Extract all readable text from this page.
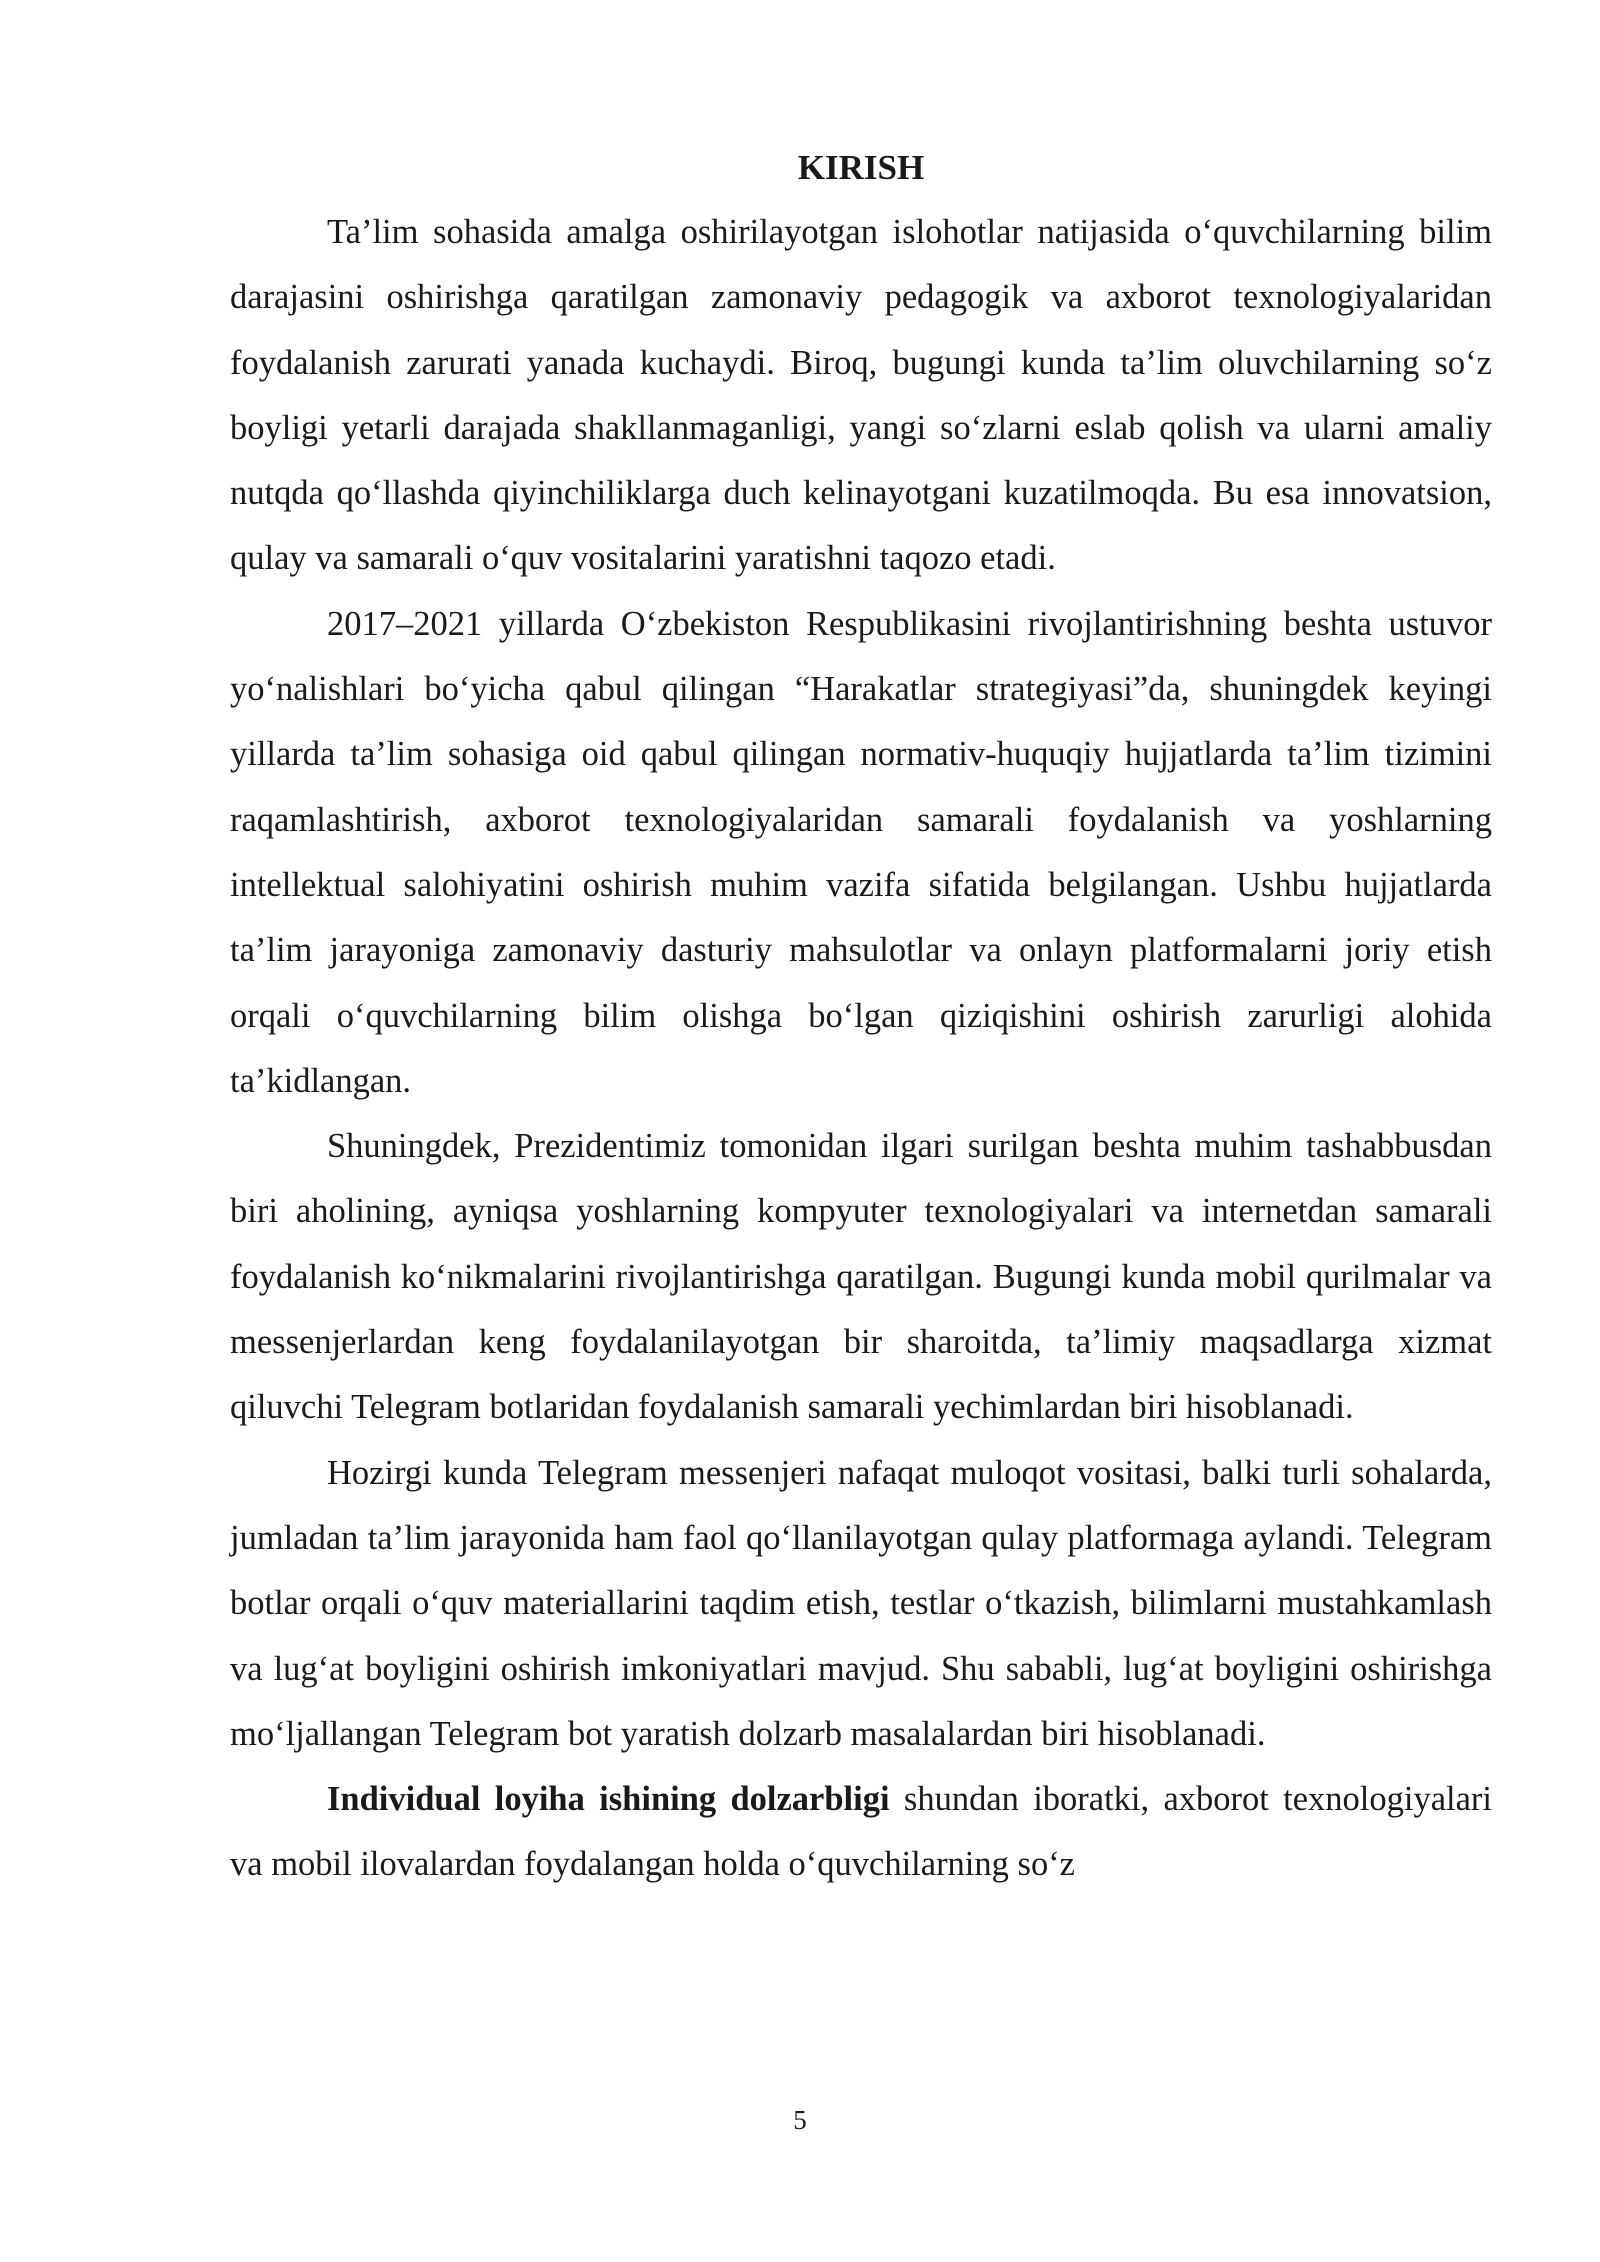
KIRISH

Ta’lim sohasida amalga oshirilayotgan islohotlar natijasida o‘quvchilarning bilim darajasini oshirishga qaratilgan zamonaviy pedagogik va axborot texnologiyalaridan foydalanish zarurati yanada kuchaydi. Biroq, bugungi kunda ta’lim oluvchilarning so‘z boyligi yetarli darajada shakllanmaganligi, yangi so‘zlarni eslab qolish va ularni amaliy nutqda qo‘llashda qiyinchiliklarga duch kelinayotgani kuzatilmoqda. Bu esa innovatsion, qulay va samarali o‘quv vositalarini yaratishni taqozo etadi.

2017–2021 yillarda O‘zbekiston Respublikasini rivojlantirishning beshta ustuvor yo‘nalishlari bo‘yicha qabul qilingan “Harakatlar strategiyasi”da, shuningdek keyingi yillarda ta’lim sohasiga oid qabul qilingan normativ-huquqiy hujjatlarda ta’lim tizimini raqamlashtirish, axborot texnologiyalaridan samarali foydalanish va yoshlarning intellektual salohiyatini oshirish muhim vazifa sifatida belgilangan. Ushbu hujjatlarda ta’lim jarayoniga zamonaviy dasturiy mahsulotlar va onlayn platformalarni joriy etish orqali o‘quvchilarning bilim olishga bo‘lgan qiziqishini oshirish zarurligi alohida ta’kidlangan.

Shuningdek, Prezidentimiz tomonidan ilgari surilgan beshta muhim tashabbusdan biri aholining, ayniqsa yoshlarning kompyuter texnologiyalari va internetdan samarali foydalanish ko‘nikmalarini rivojlantirishga qaratilgan. Bugungi kunda mobil qurilmalar va messenjerlardan keng foydalanilayotgan bir sharoitda, ta’limiy maqsadlarga xizmat qiluvchi Telegram botlaridan foydalanish samarali yechimlardan biri hisoblanadi.

Hozirgi kunda Telegram messenjeri nafaqat muloqot vositasi, balki turli sohalarda, jumladan ta’lim jarayonida ham faol qo‘llanilayotgan qulay platformaga aylandi. Telegram botlar orqali o‘quv materiallarini taqdim etish, testlar o‘tkazish, bilimlarni mustahkamlash va lug‘at boyligini oshirish imkoniyatlari mavjud. Shu sababli, lug‘at boyligini oshirishga mo‘ljallangan Telegram bot yaratish dolzarb masalalardan biri hisoblanadi.

Individual loyiha ishining dolzarbligi shundan iboratki, axborot texnologiyalari va mobil ilovalardan foydalangan holda o‘quvchilarning so‘z

5
